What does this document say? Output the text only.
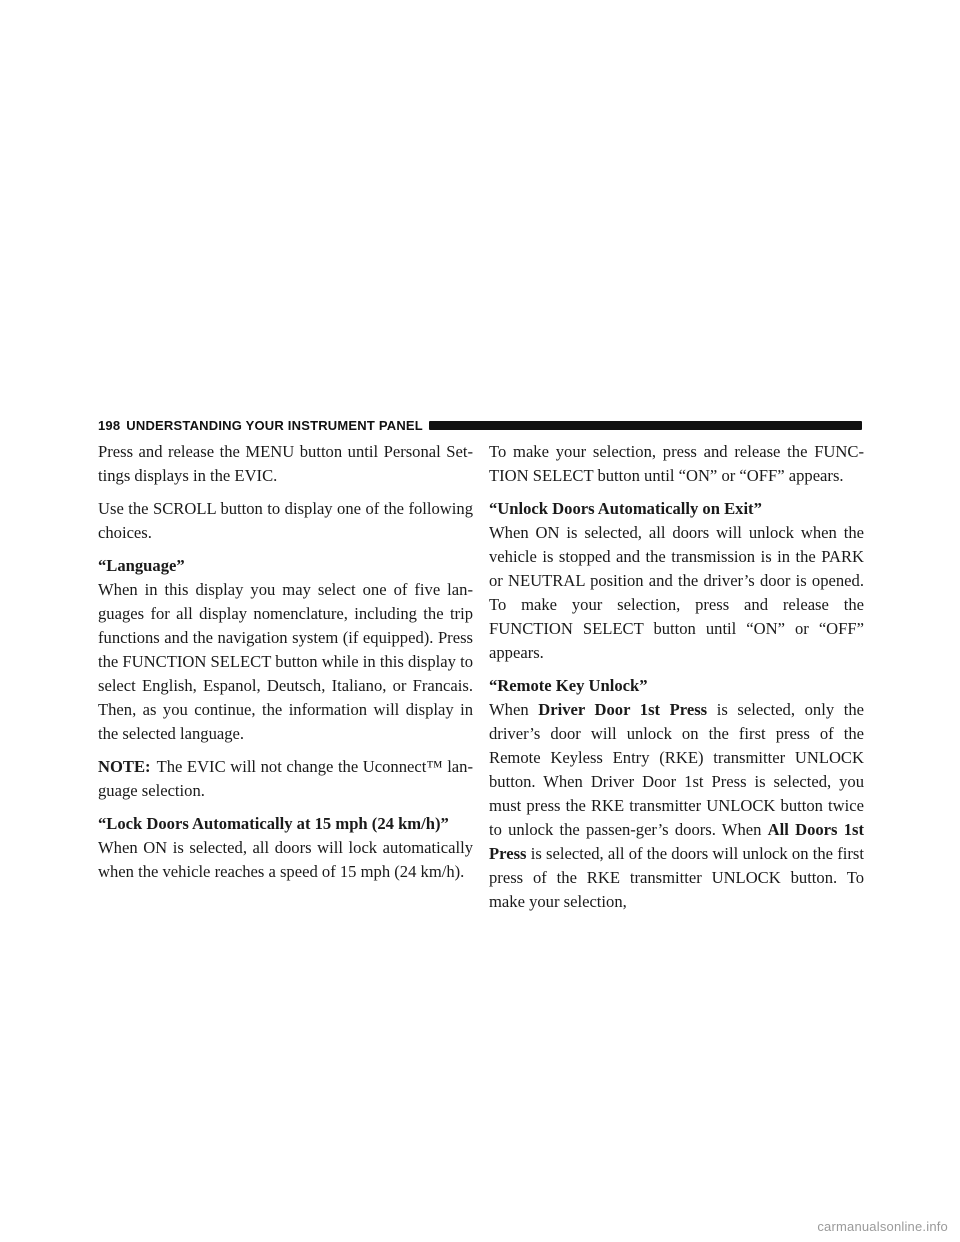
198 UNDERSTANDING YOUR INSTRUMENT PANEL

Press and release the MENU button until Personal Set-tings displays in the EVIC.

Use the SCROLL button to display one of the following choices.

“Language”

When in this display you may select one of five lan-guages for all display nomenclature, including the trip functions and the navigation system (if equipped). Press the FUNCTION SELECT button while in this display to select English, Espanol, Deutsch, Italiano, or Francais. Then, as you continue, the information will display in the selected language.

NOTE: The EVIC will not change the Uconnect™ lan-guage selection.

“Lock Doors Automatically at 15 mph (24 km/h)”

When ON is selected, all doors will lock automatically when the vehicle reaches a speed of 15 mph (24 km/h).

To make your selection, press and release the FUNC-TION SELECT button until “ON” or “OFF” appears.

“Unlock Doors Automatically on Exit”

When ON is selected, all doors will unlock when the vehicle is stopped and the transmission is in the PARK or NEUTRAL position and the driver’s door is opened. To make your selection, press and release the FUNCTION SELECT button until “ON” or “OFF” appears.

“Remote Key Unlock”

When Driver Door 1st Press is selected, only the driver’s door will unlock on the first press of the Remote Keyless Entry (RKE) transmitter UNLOCK button. When Driver Door 1st Press is selected, you must press the RKE transmitter UNLOCK button twice to unlock the passen-ger’s doors. When All Doors 1st Press is selected, all of the doors will unlock on the first press of the RKE transmitter UNLOCK button. To make your selection,

carmanualsonline.info
